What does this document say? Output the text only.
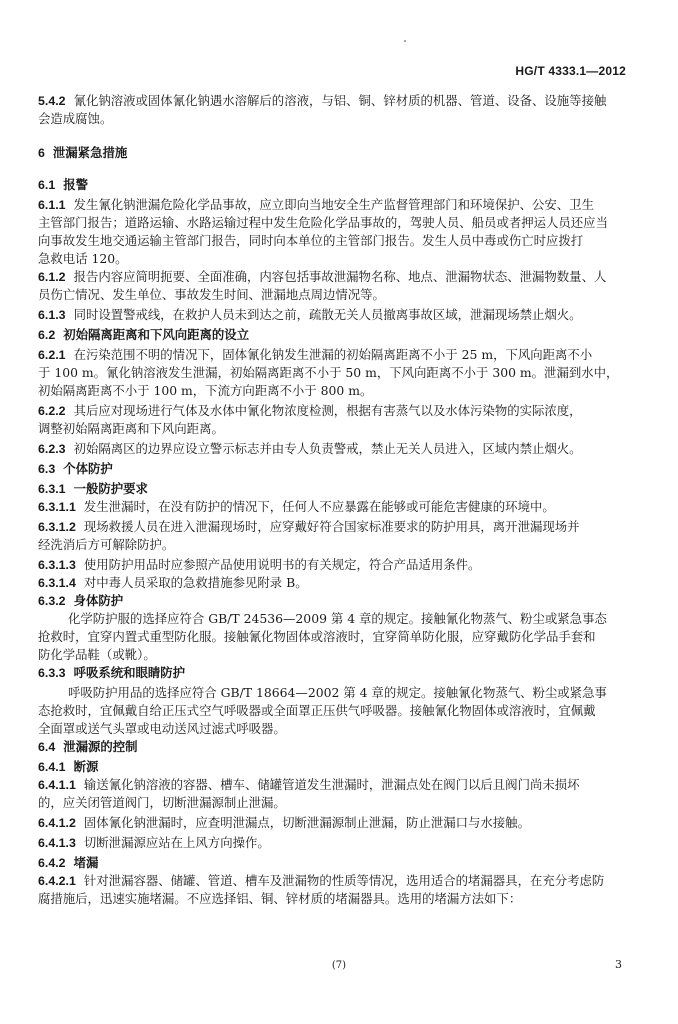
HG/T 4333.1—2012
5.4.2 氰化钠溶液或固体氰化钠遇水溶解后的溶液，与铝、铜、锌材质的机器、管道、设备、设施等接触
会造成腐蚀。
6 泄漏紧急措施
6.1 报警
6.1.1 发生氰化钠泄漏危险化学品事故，应立即向当地安全生产监督管理部门和环境保护、公安、卫生
主管部门报告；道路运输、水路运输过程中发生危险化学品事故的，驾驶人员、船员或者押运人员还应当
向事故发生地交通运输主管部门报告，同时向本单位的主管部门报告。发生人员中毒或伤亡时应拨打
急救电话 120。
6.1.2 报告内容应简明扼要、全面准确，内容包括事故泄漏物名称、地点、泄漏物状态、泄漏物数量、人
员伤亡情况、发生单位、事故发生时间、泄漏地点周边情况等。
6.1.3 同时设置警戒线，在救护人员未到达之前，疏散无关人员撤离事故区域，泄漏现场禁止烟火。
6.2 初始隔离距离和下风向距离的设立
6.2.1 在污染范围不明的情况下，固体氰化钠发生泄漏的初始隔离距离不小于 25 m，下风向距离不小
于 100 m。氰化钠溶液发生泄漏，初始隔离距离不小于 50 m，下风向距离不小于 300 m。泄漏到水中，
初始隔离距离不小于 100 m，下流方向距离不小于 800 m。
6.2.2 其后应对现场进行气体及水体中氰化物浓度检测，根据有害蒸气以及水体污染物的实际浓度，
调整初始隔离距离和下风向距离。
6.2.3 初始隔离区的边界应设立警示标志并由专人负责警戒，禁止无关人员进入，区域内禁止烟火。
6.3 个体防护
6.3.1 一般防护要求
6.3.1.1 发生泄漏时，在没有防护的情况下，任何人不应暴露在能够或可能危害健康的环境中。
6.3.1.2 现场救援人员在进入泄漏现场时，应穿戴好符合国家标准要求的防护用具，离开泄漏现场并
经洗消后方可解除防护。
6.3.1.3 使用防护用品时应参照产品使用说明书的有关规定，符合产品适用条件。
6.3.1.4 对中毒人员采取的急救措施参见附录 B。
6.3.2 身体防护
化学防护服的选择应符合 GB/T 24536—2009 第 4 章的规定。接触氰化物蒸气、粉尘或紧急事态
抢救时，宜穿内置式重型防化服。接触氰化物固体或溶液时，宜穿简单防化服，应穿戴防化学品手套和
防化学品鞋（或靴）。
6.3.3 呼吸系统和眼睛防护
呼吸防护用品的选择应符合 GB/T 18664—2002 第 4 章的规定。接触氰化物蒸气、粉尘或紧急事
态抢救时，宜佩戴自给正压式空气呼吸器或全面罩正压供气呼吸器。接触氰化物固体或溶液时，宜佩戴
全面罩或送气头罩或电动送风过滤式呼吸器。
6.4 泄漏源的控制
6.4.1 断源
6.4.1.1 输送氰化钠溶液的容器、槽车、储罐管道发生泄漏时，泄漏点处在阀门以后且阀门尚未损坏
的，应关闭管道阀门，切断泄漏源制止泄漏。
6.4.1.2 固体氰化钠泄漏时，应查明泄漏点，切断泄漏源制止泄漏，防止泄漏口与水接触。
6.4.1.3 切断泄漏源应站在上风方向操作。
6.4.2 堵漏
6.4.2.1 针对泄漏容器、储罐、管道、槽车及泄漏物的性质等情况，选用适合的堵漏器具，在充分考虑防
腐措施后，迅速实施堵漏。不应选择铝、铜、锌材质的堵漏器具。选用的堵漏方法如下：
(7)	3
